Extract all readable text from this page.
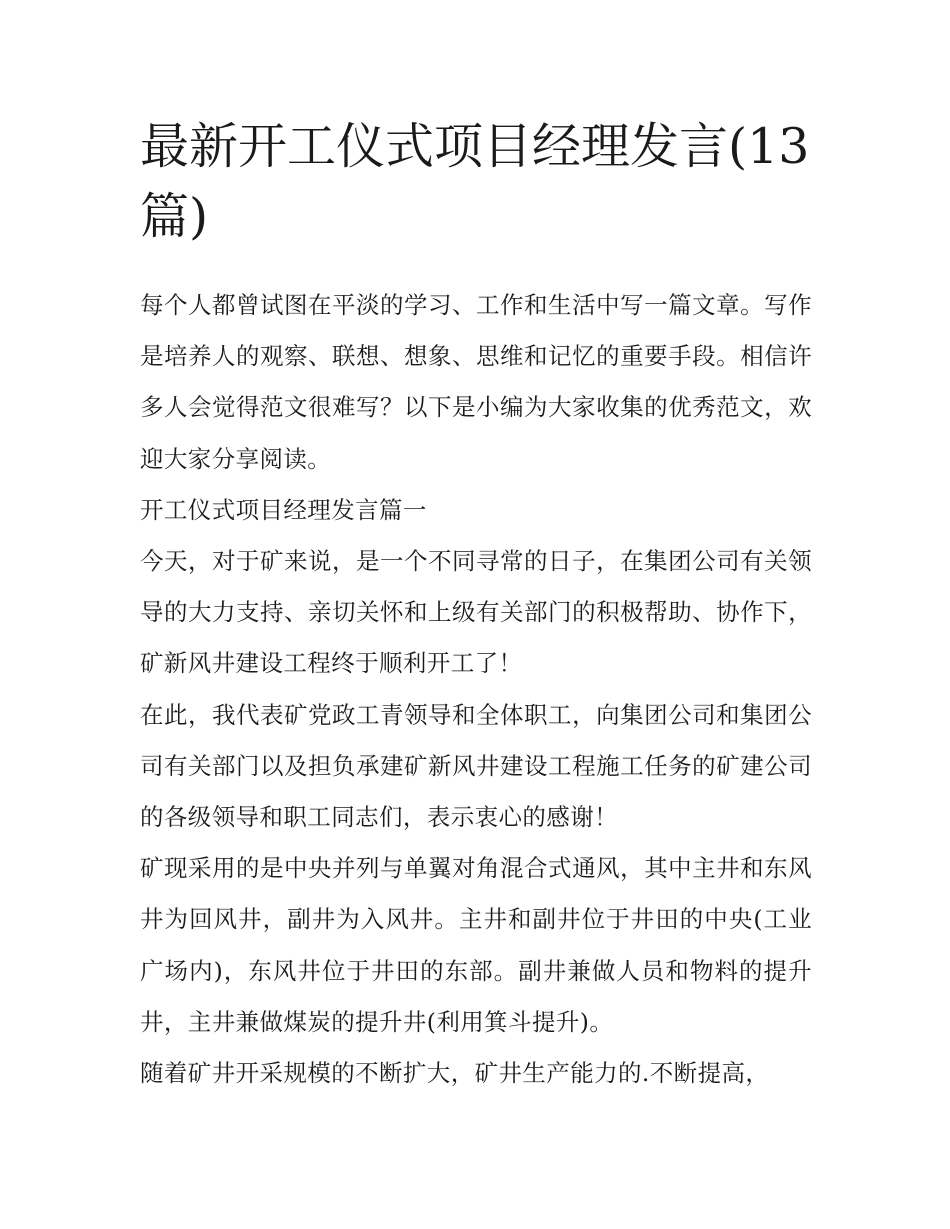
最新开工仪式项目经理发言(13篇)

每个人都曾试图在平淡的学习、工作和生活中写一篇文章。写作是培养人的观察、联想、想象、思维和记忆的重要手段。相信许多人会觉得范文很难写？以下是小编为大家收集的优秀范文，欢迎大家分享阅读。

开工仪式项目经理发言篇一

今天，对于矿来说，是一个不同寻常的日子，在集团公司有关领导的大力支持、亲切关怀和上级有关部门的积极帮助、协作下，矿新风井建设工程终于顺利开工了！

在此，我代表矿党政工青领导和全体职工，向集团公司和集团公司有关部门以及担负承建矿新风井建设工程施工任务的矿建公司的各级领导和职工同志们，表示衷心的感谢！

矿现采用的是中央并列与单翼对角混合式通风，其中主井和东风井为回风井，副井为入风井。主井和副井位于井田的中央(工业广场内)，东风井位于井田的东部。副井兼做人员和物料的提升井，主井兼做煤炭的提升井(利用箕斗提升)。

随着矿井开采规模的不断扩大，矿井生产能力的.不断提高，
